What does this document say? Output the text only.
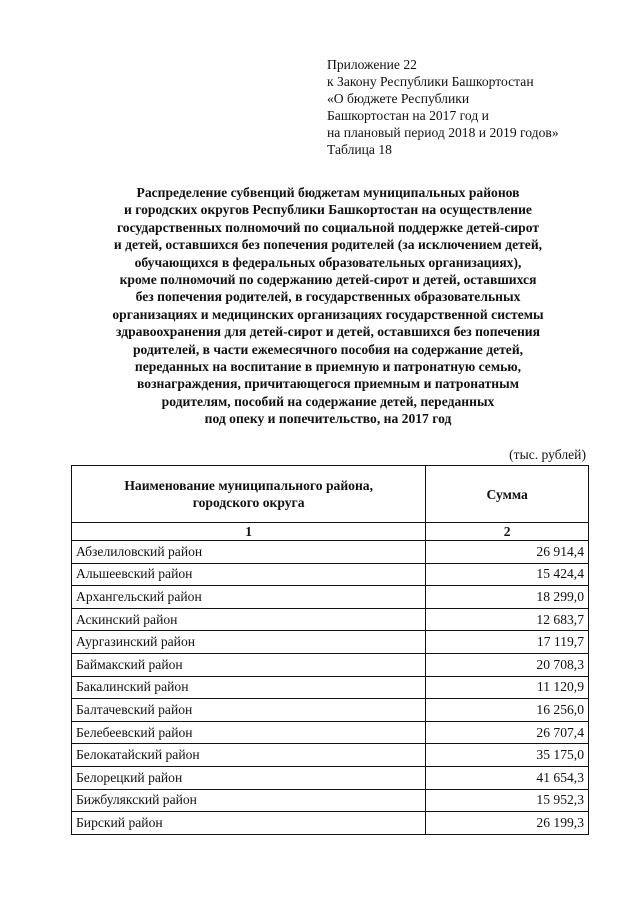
Приложение 22
к Закону Республики Башкортостан
«О бюджете Республики
Башкортостан на 2017 год и
на плановый период 2018 и 2019 годов»
Таблица 18
Распределение субвенций бюджетам муниципальных районов
и городских округов Республики Башкортостан на осуществление
государственных полномочий по социальной поддержке детей-сирот
и детей, оставшихся без попечения родителей (за исключением детей,
обучающихся в федеральных образовательных организациях),
кроме полномочий по содержанию детей-сирот и детей, оставшихся
без попечения родителей, в государственных образовательных
организациях и медицинских организациях государственной системы
здравоохранения для детей-сирот и детей, оставшихся без попечения
родителей, в части ежемесячного пособия на содержание детей,
переданных на воспитание в приемную и патронатную семью,
вознаграждения, причитающегося приемным и патронатным
родителям, пособий на содержание детей, переданных
под опеку и попечительство, на 2017 год
(тыс. рублей)
Наименование муниципального района,
городского округа	Сумма
1	2
Абзелиловский район	26 914,4
Альшеевский район	15 424,4
Архангельский район	18 299,0
Аскинский район	12 683,7
Аургазинский район	17 119,7
Баймакский район	20 708,3
Бакалинский район	11 120,9
Балтачевский район	16 256,0
Белебеевский район	26 707,4
Белокатайский район	35 175,0
Белорецкий район	41 654,3
Бижбулякский район	15 952,3
Бирский район	26 199,3
